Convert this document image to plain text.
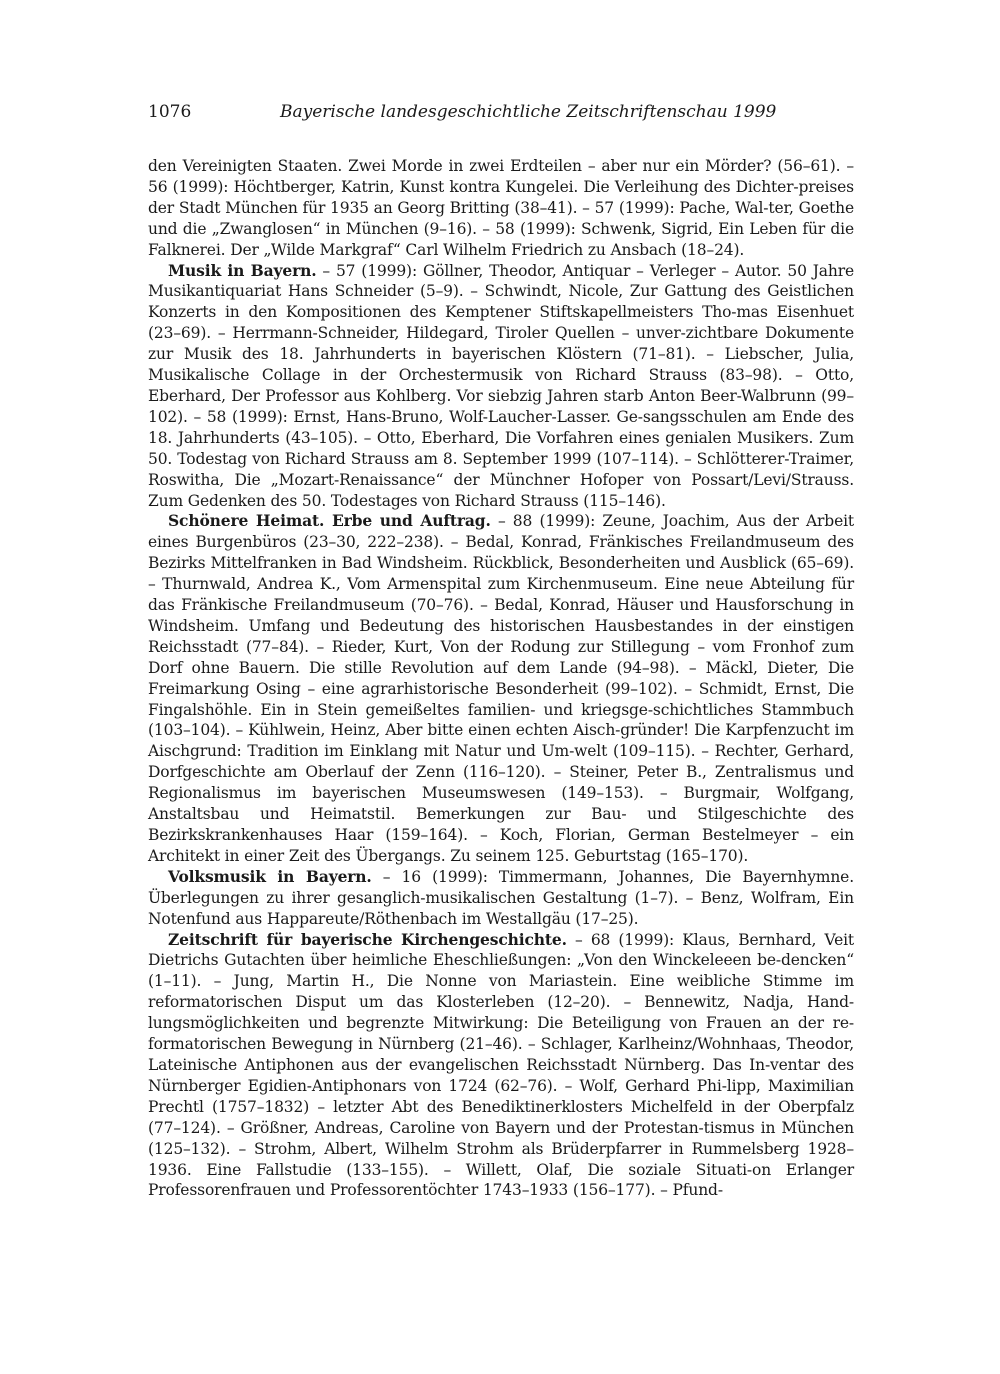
1076	Bayerische landesgeschichtliche Zeitschriftenschau 1999

den Vereinigten Staaten. Zwei Morde in zwei Erdteilen – aber nur ein Mörder? (56–61). – 56 (1999): Höchtberger, Katrin, Kunst kontra Kungelei. Die Verleihung des Dichter-preises der Stadt München für 1935 an Georg Britting (38–41). – 57 (1999): Pache, Wal-ter, Goethe und die „Zwanglosen“ in München (9–16). – 58 (1999): Schwenk, Sigrid, Ein Leben für die Falknerei. Der „Wilde Markgraf“ Carl Wilhelm Friedrich zu Ansbach (18–24).

Musik in Bayern. – 57 (1999): Göllner, Theodor, Antiquar – Verleger – Autor. 50 Jahre Musikantiquariat Hans Schneider (5–9). – Schwindt, Nicole, Zur Gattung des Geistlichen Konzerts in den Kompositionen des Kemptener Stiftskapellmeisters Tho-mas Eisenhuet (23–69). – Herrmann-Schneider, Hildegard, Tiroler Quellen – unver-zichtbare Dokumente zur Musik des 18. Jahrhunderts in bayerischen Klöstern (71–81). – Liebscher, Julia, Musikalische Collage in der Orchestermusik von Richard Strauss (83–98). – Otto, Eberhard, Der Professor aus Kohlberg. Vor siebzig Jahren starb Anton Beer-Walbrunn (99–102). – 58 (1999): Ernst, Hans-Bruno, Wolf-Laucher-Lasser. Ge-sangsschulen am Ende des 18. Jahrhunderts (43–105). – Otto, Eberhard, Die Vorfahren eines genialen Musikers. Zum 50. Todestag von Richard Strauss am 8. September 1999 (107–114). – Schlötterer-Traimer, Roswitha, Die „Mozart-Renaissance“ der Münchner Hofoper von Possart/Levi/Strauss. Zum Gedenken des 50. Todestages von Richard Strauss (115–146).

Schönere Heimat. Erbe und Auftrag. – 88 (1999): Zeune, Joachim, Aus der Arbeit eines Burgenbüros (23–30, 222–238). – Bedal, Konrad, Fränkisches Freilandmuseum des Bezirks Mittelfranken in Bad Windsheim. Rückblick, Besonderheiten und Ausblick (65–69). – Thurnwald, Andrea K., Vom Armenspital zum Kirchenmuseum. Eine neue Abteilung für das Fränkische Freilandmuseum (70–76). – Bedal, Konrad, Häuser und Hausforschung in Windsheim. Umfang und Bedeutung des historischen Hausbestandes in der einstigen Reichsstadt (77–84). – Rieder, Kurt, Von der Rodung zur Stillegung – vom Fronhof zum Dorf ohne Bauern. Die stille Revolution auf dem Lande (94–98). – Mäckl, Dieter, Die Freimarkung Osing – eine agrarhistorische Besonderheit (99–102). – Schmidt, Ernst, Die Fingalshöhle. Ein in Stein gemeißeltes familien- und kriegsge-schichtliches Stammbuch (103–104). – Kühlwein, Heinz, Aber bitte einen echten Aisch-gründer! Die Karpfenzucht im Aischgrund: Tradition im Einklang mit Natur und Um-welt (109–115). – Rechter, Gerhard, Dorfgeschichte am Oberlauf der Zenn (116–120). – Steiner, Peter B., Zentralismus und Regionalismus im bayerischen Museumswesen (149–153). – Burgmair, Wolfgang, Anstaltsbau und Heimatstil. Bemerkungen zur Bau- und Stilgeschichte des Bezirkskrankenhauses Haar (159–164). – Koch, Florian, German Bestelmeyer – ein Architekt in einer Zeit des Übergangs. Zu seinem 125. Geburtstag (165–170).

Volksmusik in Bayern. – 16 (1999): Timmermann, Johannes, Die Bayernhymne. Überlegungen zu ihrer gesanglich-musikalischen Gestaltung (1–7). – Benz, Wolfram, Ein Notenfund aus Happareute/Röthenbach im Westallgäu (17–25).

Zeitschrift für bayerische Kirchengeschichte. – 68 (1999): Klaus, Bernhard, Veit Dietrichs Gutachten über heimliche Eheschließungen: „Von den Winckeleeen be-dencken“ (1–11). – Jung, Martin H., Die Nonne von Mariastein. Eine weibliche Stimme im reformatorischen Disput um das Klosterleben (12–20). – Bennewitz, Nadja, Hand-lungsmöglichkeiten und begrenzte Mitwirkung: Die Beteiligung von Frauen an der re-formatorischen Bewegung in Nürnberg (21–46). – Schlager, Karlheinz/Wohnhaas, Theodor, Lateinische Antiphonen aus der evangelischen Reichsstadt Nürnberg. Das In-ventar des Nürnberger Egidien-Antiphonars von 1724 (62–76). – Wolf, Gerhard Phi-lipp, Maximilian Prechtl (1757–1832) – letzter Abt des Benediktinerklosters Michelfeld in der Oberpfalz (77–124). – Größner, Andreas, Caroline von Bayern und der Protestan-tismus in München (125–132). – Strohm, Albert, Wilhelm Strohm als Brüderpfarrer in Rummelsberg 1928–1936. Eine Fallstudie (133–155). – Willett, Olaf, Die soziale Situati-on Erlanger Professorenfrauen und Professorentöchter 1743–1933 (156–177). – Pfund-
